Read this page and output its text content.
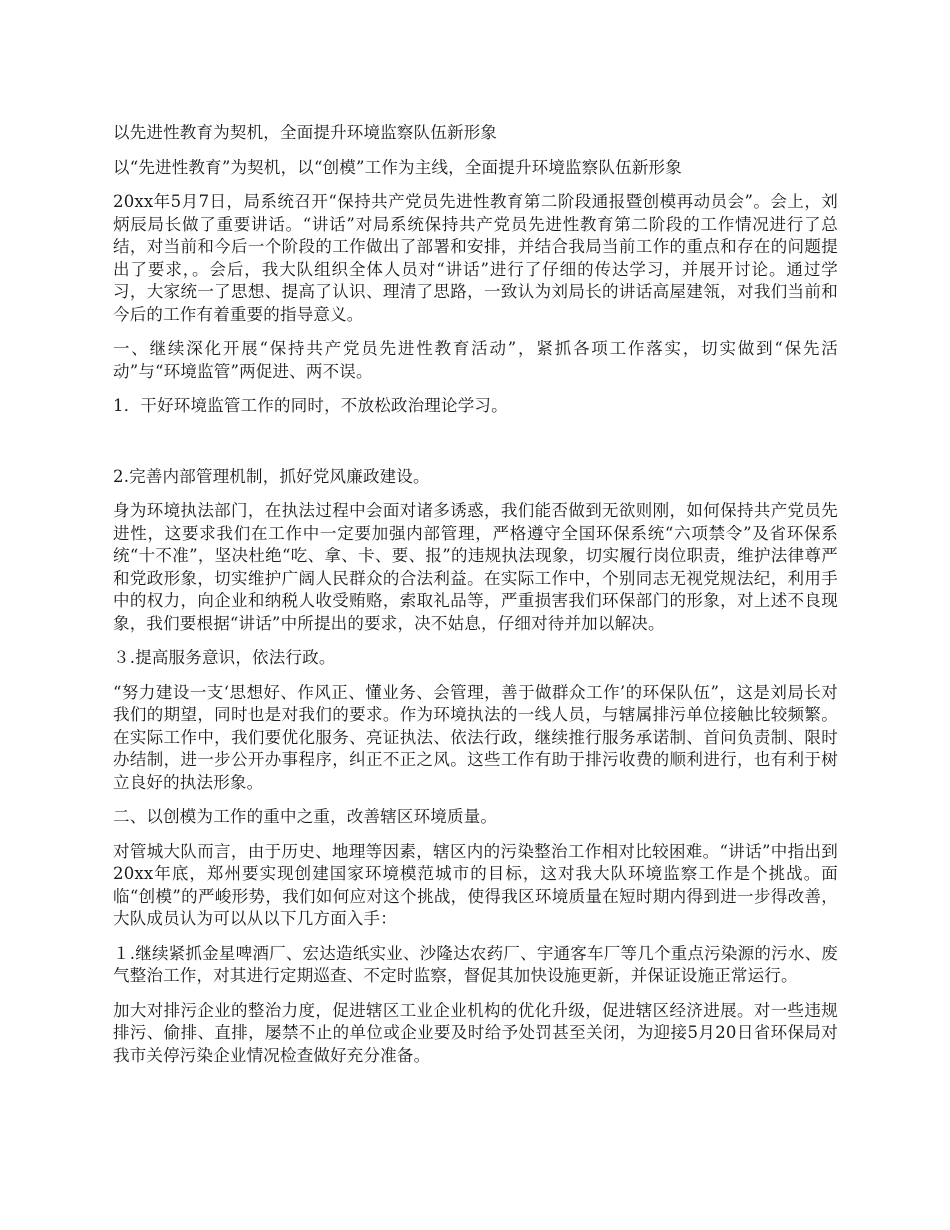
以先进性教育为契机，全面提升环境监察队伍新形象

以“先进性教育”为契机，以“创模”工作为主线，全面提升环境监察队伍新形象

20xx年5月7日，局系统召开“保持共产党员先进性教育第二阶段通报暨创模再动员会”。会上，刘炳辰局长做了重要讲话。“讲话”对局系统保持共产党员先进性教育第二阶段的工作情况进行了总结，对当前和今后一个阶段的工作做出了部署和安排，并结合我局当前工作的重点和存在的问题提出了要求，。会后，我大队组织全体人员对“讲话”进行了仔细的传达学习，并展开讨论。通过学习，大家统一了思想、提高了认识、理清了思路，一致认为刘局长的讲话高屋建瓴，对我们当前和今后的工作有着重要的指导意义。

一、继续深化开展“保持共产党员先进性教育活动”，紧抓各项工作落实，切实做到“保先活动”与“环境监管”两促进、两不误。

1．干好环境监管工作的同时，不放松政治理论学习。

2.完善内部管理机制，抓好党风廉政建设。

身为环境执法部门，在执法过程中会面对诸多诱惑，我们能否做到无欲则刚，如何保持共产党员先进性，这要求我们在工作中一定要加强内部管理，严格遵守全国环保系统“六项禁令”及省环保系统“十不准”，坚决杜绝“吃、拿、卡、要、报”的违规执法现象，切实履行岗位职责，维护法律尊严和党政形象，切实维护广阔人民群众的合法利益。在实际工作中，个别同志无视党规法纪，利用手中的权力，向企业和纳税人收受贿赂，索取礼品等，严重损害我们环保部门的形象，对上述不良现象，我们要根据“讲话”中所提出的要求，决不姑息，仔细对待并加以解决。

３.提高服务意识，依法行政。

“努力建设一支‘思想好、作风正、懂业务、会管理，善于做群众工作’的环保队伍”，这是刘局长对我们的期望，同时也是对我们的要求。作为环境执法的一线人员，与辖属排污单位接触比较频繁。在实际工作中，我们要优化服务、亮证执法、依法行政，继续推行服务承诺制、首问负责制、限时办结制，进一步公开办事程序，纠正不正之风。这些工作有助于排污收费的顺利进行，也有利于树立良好的执法形象。

二、以创模为工作的重中之重，改善辖区环境质量。

对管城大队而言，由于历史、地理等因素，辖区内的污染整治工作相对比较困难。“讲话”中指出到20xx年底，郑州要实现创建国家环境模范城市的目标，这对我大队环境监察工作是个挑战。面临“创模”的严峻形势，我们如何应对这个挑战，使得我区环境质量在短时期内得到进一步得改善，大队成员认为可以从以下几方面入手：

１.继续紧抓金星啤酒厂、宏达造纸实业、沙隆达农药厂、宇通客车厂等几个重点污染源的污水、废气整治工作，对其进行定期巡查、不定时监察，督促其加快设施更新，并保证设施正常运行。

加大对排污企业的整治力度，促进辖区工业企业机构的优化升级，促进辖区经济进展。对一些违规排污、偷排、直排，屡禁不止的单位或企业要及时给予处罚甚至关闭，为迎接5月20日省环保局对我市关停污染企业情况检查做好充分准备。
